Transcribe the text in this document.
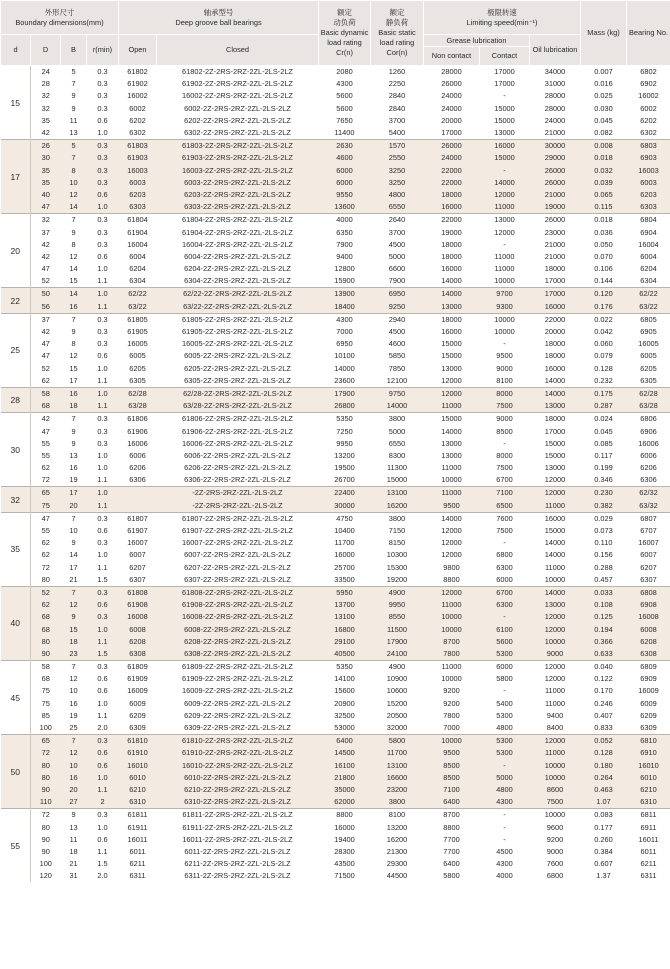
外形尺寸
Boundary dimensions(mm)				轴承型号
Deep groove ball bearings		额定
动负荷
Basic dynamic load rating Cr(n)	额定
静负荷
Basic static load rating Cor(n)	极限转速
Limiting speed(min⁻¹)			Mass (kg)	Bearing No.
d	D	B	r(min)	Open	Closed			Grease lubrication		Oil lubrication		
								Non contact	Contact			
15	24	5	0.3	61802	61802-2Z-2RS-2RZ-2ZL-2LS-2LZ	2080	1260	28000	17000	34000	0.007	6802
	28	7	0.3	61902	61902-2Z-2RS-2RZ-2ZL-2LS-2LZ	4300	2250	26000	17000	31000	0.016	6902
	32	9	0.3	16002	16002-2Z-2RS-2RZ-2ZL-2LS-2LZ	5600	2840	24000	-	28000	0.025	16002
	32	9	0.3	6002	6002-2Z-2RS-2RZ-2ZL-2LS-2LZ	5600	2840	24000	15000	28000	0.030	6002
	35	11	0.6	6202	6202-2Z-2RS-2RZ-2ZL-2LS-2LZ	7650	3700	20000	15000	24000	0.045	6202
	42	13	1.0	6302	6302-2Z-2RS-2RZ-2ZL-2LS-2LZ	11400	5400	17000	13000	21000	0.082	6302
17	26	5	0.3	61803	61803-2Z-2RS-2RZ-2ZL-2LS-2LZ	2630	1570	26000	16000	30000	0.008	6803
	30	7	0.3	61903	61903-2Z-2RS-2RZ-2ZL-2LS-2LZ	4600	2550	24000	15000	29000	0.018	6903
	35	8	0.3	16003	16003-2Z-2RS-2RZ-2ZL-2LS-2LZ	6000	3250	22000	-	26000	0.032	16003
	35	10	0.3	6003	6003-2Z-2RS-2RZ-2ZL-2LS-2LZ	6000	3250	22000	14000	26000	0.039	6003
	40	12	0.6	6203	6203-2Z-2RS-2RZ-2ZL-2LS-2LZ	9550	4800	18000	12000	21000	0.065	6203
	47	14	1.0	6303	6303-2Z-2RS-2RZ-2ZL-2LS-2LZ	13600	6550	16000	11000	19000	0.115	6303
20	32	7	0.3	61804	61804-2Z-2RS-2RZ-2ZL-2LS-2LZ	4000	2640	22000	13000	26000	0.018	6804
	37	9	0.3	61904	61904-2Z-2RS-2RZ-2ZL-2LS-2LZ	6350	3700	19000	12000	23000	0.036	6904
	42	8	0.3	16004	16004-2Z-2RS-2RZ-2ZL-2LS-2LZ	7900	4500	18000	-	21000	0.050	16004
	42	12	0.6	6004	6004-2Z-2RS-2RZ-2ZL-2LS-2LZ	9400	5000	18000	11000	21000	0.070	6004
	47	14	1.0	6204	6204-2Z-2RS-2RZ-2ZL-2LS-2LZ	12800	6600	16000	11000	18000	0.106	6204
	52	15	1.1	6304	6304-2Z-2RS-2RZ-2ZL-2LS-2LZ	15900	7900	14000	10000	17000	0.144	6304
22	50	14	1.0	62/22	62/22-2Z-2RS-2RZ-2ZL-2LS-2LZ	13900	6950	14000	9700	17000	0.120	62/22
	56	16	1.1	63/22	63/22-2Z-2RS-2RZ-2ZL-2LS-2LZ	18400	9250	13000	9300	16000	0.176	63/22
25	37	7	0.3	61805	61805-2Z-2RS-2RZ-2ZL-2LS-2LZ	4300	2940	18000	10000	22000	0.022	6805
	42	9	0.3	61905	61905-2Z-2RS-2RZ-2ZL-2LS-2LZ	7000	4500	16000	10000	20000	0.042	6905
	47	8	0.3	16005	16005-2Z-2RS-2RZ-2ZL-2LS-2LZ	6950	4600	15000	-	18000	0.060	16005
	47	12	0.6	6005	6005-2Z-2RS-2RZ-2ZL-2LS-2LZ	10100	5850	15000	9500	18000	0.079	6005
	52	15	1.0	6205	6205-2Z-2RS-2RZ-2ZL-2LS-2LZ	14000	7850	13000	9000	16000	0.128	6205
	62	17	1.1	6305	6305-2Z-2RS-2RZ-2ZL-2LS-2LZ	23600	12100	12000	8100	14000	0.232	6305
28	58	16	1.0	62/28	62/28-2Z-2RS-2RZ-2ZL-2LS-2LZ	17900	9750	12000	8000	14000	0.175	62/28
	68	18	1.1	63/28	63/28-2Z-2RS-2RZ-2ZL-2LS-2LZ	26800	14000	11000	7500	13000	0.287	63/28
30	42	7	0.3	61806	61806-2Z-2RS-2RZ-2ZL-2LS-2LZ	5350	3800	15000	9000	18000	0.024	6806
	47	9	0.3	61906	61906-2Z-2RS-2RZ-2ZL-2LS-2LZ	7250	5000	14000	8500	17000	0.045	6906
	55	9	0.3	16006	16006-2Z-2RS-2RZ-2ZL-2LS-2LZ	9950	6550	13000	-	15000	0.085	16006
	55	13	1.0	6006	6006-2Z-2RS-2RZ-2ZL-2LS-2LZ	13200	8300	13000	8000	15000	0.117	6006
	62	16	1.0	6206	6206-2Z-2RS-2RZ-2ZL-2LS-2LZ	19500	11300	11000	7500	13000	0.199	6206
	72	19	1.1	6306	6306-2Z-2RS-2RZ-2ZL-2LS-2LZ	26700	15000	10000	6700	12000	0.346	6306
32	65	17	1.0		-2Z-2RS-2RZ-2ZL-2LS-2LZ	22400	13100	11000	7100	12000	0.230	62/32
	75	20	1.1		-2Z-2RS-2RZ-2ZL-2LS-2LZ	30000	16200	9500	6500	11000	0.382	63/32
35	47	7	0.3	61807	61807-2Z-2RS-2RZ-2ZL-2LS-2LZ	4750	3800	14000	7600	16000	0.029	6807
	55	10	0.6	61907	61907-2Z-2RS-2RZ-2ZL-2LS-2LZ	10400	7150	12000	7500	15000	0.073	6707
	62	9	0.3	16007	16007-2Z-2RS-2RZ-2ZL-2LS-2LZ	11700	8150	12000	-	14000	0.110	16007
	62	14	1.0	6007	6007-2Z-2RS-2RZ-2ZL-2LS-2LZ	16000	10300	12000	6800	14000	0.156	6007
	72	17	1.1	6207	6207-2Z-2RS-2RZ-2ZL-2LS-2LZ	25700	15300	9800	6300	11000	0.288	6207
	80	21	1.5	6307	6307-2Z-2RS-2RZ-2ZL-2LS-2LZ	33500	19200	8800	6000	10000	0.457	6307
40	52	7	0.3	61808	61808-2Z-2RS-2RZ-2ZL-2LS-2LZ	5950	4900	12000	6700	14000	0.033	6808
	62	12	0.6	61908	61908-2Z-2RS-2RZ-2ZL-2LS-2LZ	13700	9950	11000	6300	13000	0.108	6908
	68	9	0.3	16008	16008-2Z-2RS-2RZ-2ZL-2LS-2LZ	13100	8550	10000	-	12000	0.125	16008
	68	15	1.0	6008	6008-2Z-2RS-2RZ-2ZL-2LS-2LZ	16800	11500	10000	6100	12000	0.194	6008
	80	18	1.1	6208	6208-2Z-2RS-2RZ-2ZL-2LS-2LZ	29100	17900	8700	5600	10000	0.366	6208
	90	23	1.5	6308	6308-2Z-2RS-2RZ-2ZL-2LS-2LZ	40500	24100	7800	5300	9000	0.633	6308
45	58	7	0.3	61809	61809-2Z-2RS-2RZ-2ZL-2LS-2LZ	5350	4900	11000	6000	12000	0.040	6809
	68	12	0.6	61909	61909-2Z-2RS-2RZ-2ZL-2LS-2LZ	14100	10900	10000	5800	12000	0.122	6909
	75	10	0.6	16009	16009-2Z-2RS-2RZ-2ZL-2LS-2LZ	15600	10600	9200	-	11000	0.170	16009
	75	16	1.0	6009	6009-2Z-2RS-2RZ-2ZL-2LS-2LZ	20900	15200	9200	5400	11000	0.246	6009
	85	19	1.1	6209	6209-2Z-2RS-2RZ-2ZL-2LS-2LZ	32500	20500	7800	5300	9400	0.407	6209
	100	25	2.0	6309	6309-2Z-2RS-2RZ-2ZL-2LS-2LZ	53000	32000	7000	4800	8400	0.833	6309
50	65	7	0.3	61810	61810-2Z-2RS-2RZ-2ZL-2LS-2LZ	6400	5800	10000	5300	12000	0.052	6810
	72	12	0.6	61910	61910-2Z-2RS-2RZ-2ZL-2LS-2LZ	14500	11700	9500	5300	11000	0.128	6910
	80	10	0.6	16010	16010-2Z-2RS-2RZ-2ZL-2LS-2LZ	16100	13100	8500	-	10000	0.180	16010
	80	16	1.0	6010	6010-2Z-2RS-2RZ-2ZL-2LS-2LZ	21800	16600	8500	5000	10000	0.264	6010
	90	20	1.1	6210	6210-2Z-2RS-2RZ-2ZL-2LS-2LZ	35000	23200	7100	4800	8600	0.463	6210
	110	27	2	6310	6310-2Z-2RS-2RZ-2ZL-2LS-2LZ	62000	3800	6400	4300	7500	1.07	6310
55	72	9	0.3	61811	61811-2Z-2RS-2RZ-2ZL-2LS-2LZ	8800	8100	8700	-	10000	0.083	6811
	80	13	1.0	61911	61911-2Z-2RS-2RZ-2ZL-2LS-2LZ	16000	13200	8800	-	9600	0.177	6911
	90	11	0.6	16011	16011-2Z-2RS-2RZ-2ZL-2LS-2LZ	19400	16200	7700	-	9200	0.260	16011
	90	18	1.1	6011	6011-2Z-2RS-2RZ-2ZL-2LS-2LZ	28300	21300	7700	4500	9000	0.384	6011
	100	21	1.5	6211	6211-2Z-2RS-2RZ-2ZL-2LS-2LZ	43500	29300	6400	4300	7600	0.607	6211
	120	31	2.0	6311	6311-2Z-2RS-2RZ-2ZL-2LS-2LZ	71500	44500	5800	4000	6800	1.37	6311
